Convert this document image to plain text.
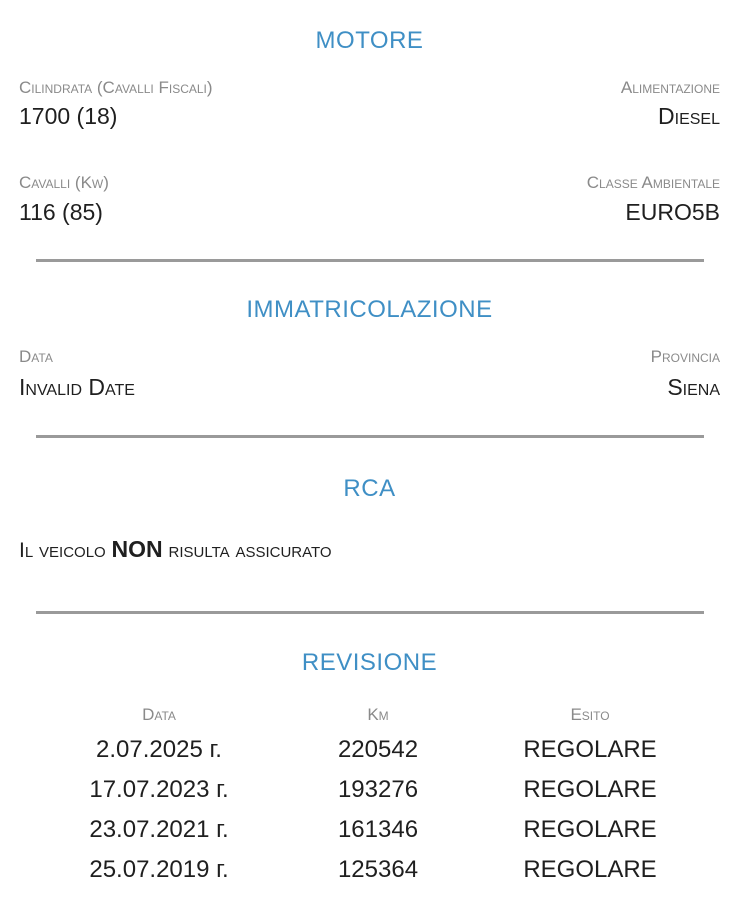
MOTORE
Cilindrata (Cavalli Fiscali)
1700 (18)
Alimentazione
Diesel
Cavalli (Kw)
116 (85)
Classe Ambientale
EURO5B
IMMATRICOLAZIONE
Data
Invalid Date
Provincia
Siena
RCA
Il veicolo NON risulta assicurato
REVISIONE
Data	Km	Esito
2.07.2025 г.	220542	REGOLARE
17.07.2023 г.	193276	REGOLARE
23.07.2021 г.	161346	REGOLARE
25.07.2019 г.	125364	REGOLARE
